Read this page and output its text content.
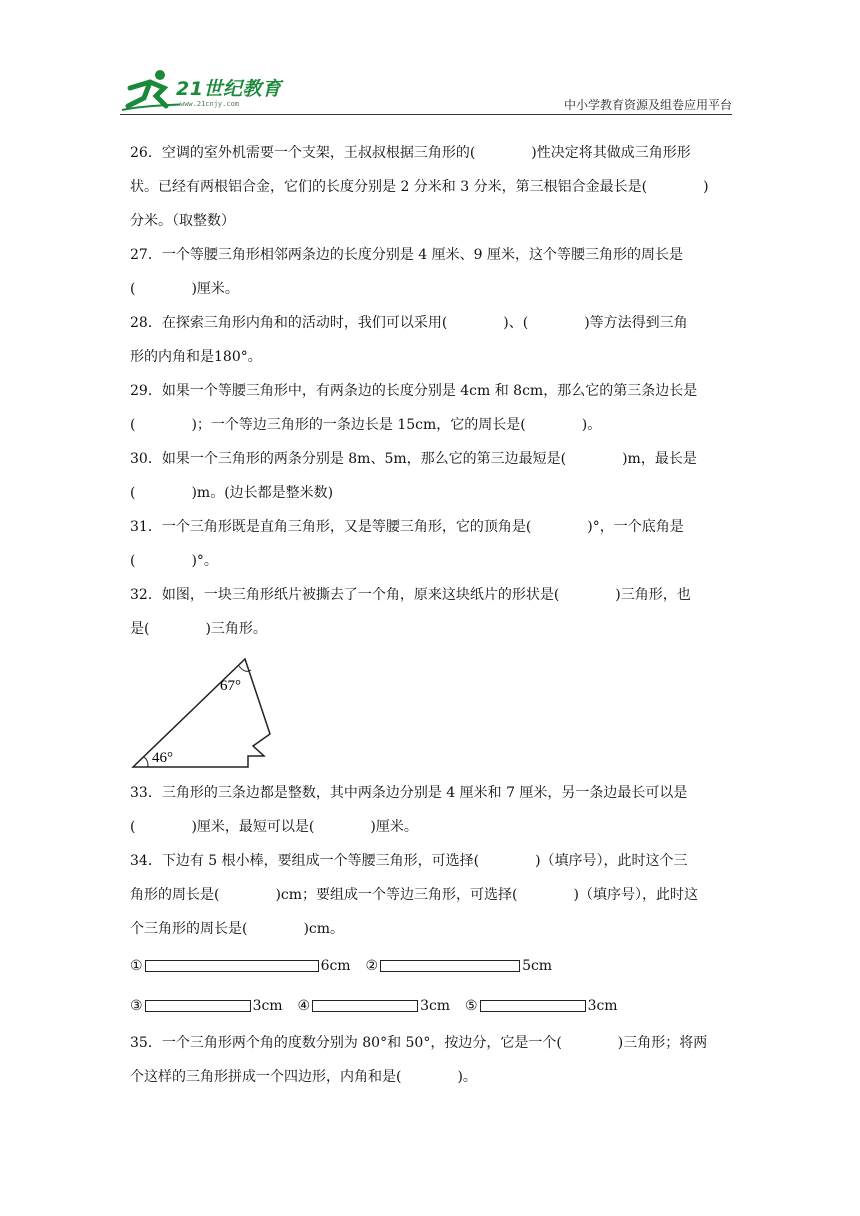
21世纪教育
www.21cnjy.com	中小学教育资源及组卷应用平台
26．空调的室外机需要一个支架，王叔叔根据三角形的(　　　　)性决定将其做成三角形形
状。已经有两根铝合金，它们的长度分别是 2 分米和 3 分米，第三根铝合金最长是(　　　　)
分米。（取整数）
27．一个等腰三角形相邻两条边的长度分别是 4 厘米、9 厘米，这个等腰三角形的周长是
(　　　　)厘米。
28．在探索三角形内角和的活动时，我们可以采用(　　　　)、(　　　　)等方法得到三角
形的内角和是180°。
29．如果一个等腰三角形中，有两条边的长度分别是 4cm 和 8cm，那么它的第三条边长是
(　　　　)；一个等边三角形的一条边长是 15cm，它的周长是(　　　　)。
30．如果一个三角形的两条分别是 8m、5m，那么它的第三边最短是(　　　　)m，最长是
(　　　　)m。(边长都是整米数)
31．一个三角形既是直角三角形，又是等腰三角形，它的顶角是(　　　　)°，一个底角是
(　　　　)°。
32．如图，一块三角形纸片被撕去了一个角，原来这块纸片的形状是(　　　　)三角形，也
是(　　　　)三角形。
67°
46°
33．三角形的三条边都是整数，其中两条边分别是 4 厘米和 7 厘米，另一条边最长可以是
(　　　　)厘米，最短可以是(　　　　)厘米。
34．下边有 5 根小棒，要组成一个等腰三角形，可选择(　　　　)（填序号），此时这个三
角形的周长是(　　　　)cm；要组成一个等边三角形，可选择(　　　　)（填序号），此时这
个三角形的周长是(　　　　)cm。
①	6cm ②	5cm
③	3cm ④	3cm ⑤	3cm
35．一个三角形两个角的度数分别为 80°和 50°，按边分，它是一个(　　　　)三角形；将两
个这样的三角形拼成一个四边形，内角和是(　　　　)。
